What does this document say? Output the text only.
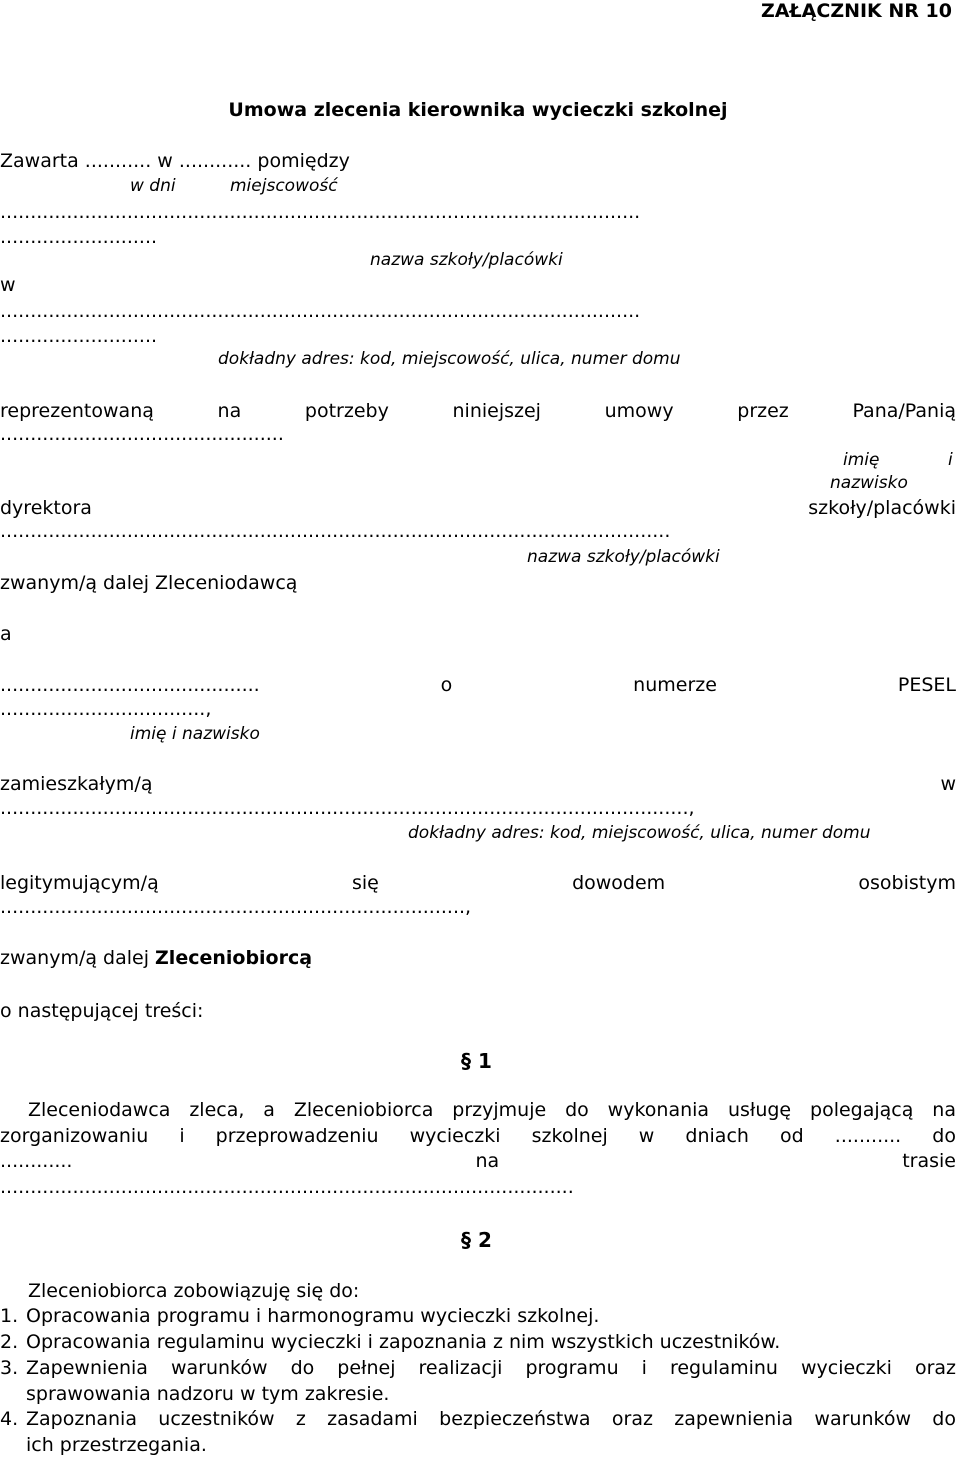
ZAŁĄCZNIK NR 10
Umowa zlecenia kierownika wycieczki szkolnej
Zawarta ........... w ............ pomiędzy
w dni	miejscowość
..........................................................................................................
..........................
nazwa szkoły/placówki
w
..........................................................................................................
..........................
dokładny adres: kod, miejscowość, ulica, numer domu
reprezentowaną	na	potrzeby	niniejszej	umowy	przez	Pana/Panią
...............................................
imię	i
nazwisko
dyrektora	szkoły/placówki
...............................................................................................................
nazwa szkoły/placówki
zwanym/ą dalej Zleceniodawcą
a
...........................................	o	numerze	PESEL
..................................,
imię i nazwisko
zamieszkałym/ą	w
..................................................................................................................,
dokładny adres: kod, miejscowość, ulica, numer domu
legitymującym/ą	się	dowodem	osobistym
.............................................................................,
zwanym/ą dalej Zleceniobiorcą
o następującej treści:
§ 1
Zleceniodawca zleca, a Zleceniobiorca przyjmuje do wykonania usługę polegającą na
zorganizowaniu i przeprowadzeniu wycieczki szkolnej w dniach od ........... do
............ na trasie
...............................................................................................
§ 2
Zleceniobiorca zobowiązuję się do:
1. Opracowania programu i harmonogramu wycieczki szkolnej.
2. Opracowania regulaminu wycieczki i zapoznania z nim wszystkich uczestników.
3. Zapewnienia warunków do pełnej realizacji programu i regulaminu wycieczki oraz
sprawowania nadzoru w tym zakresie.
4. Zapoznania uczestników z zasadami bezpieczeństwa oraz zapewnienia warunków do
ich przestrzegania.
